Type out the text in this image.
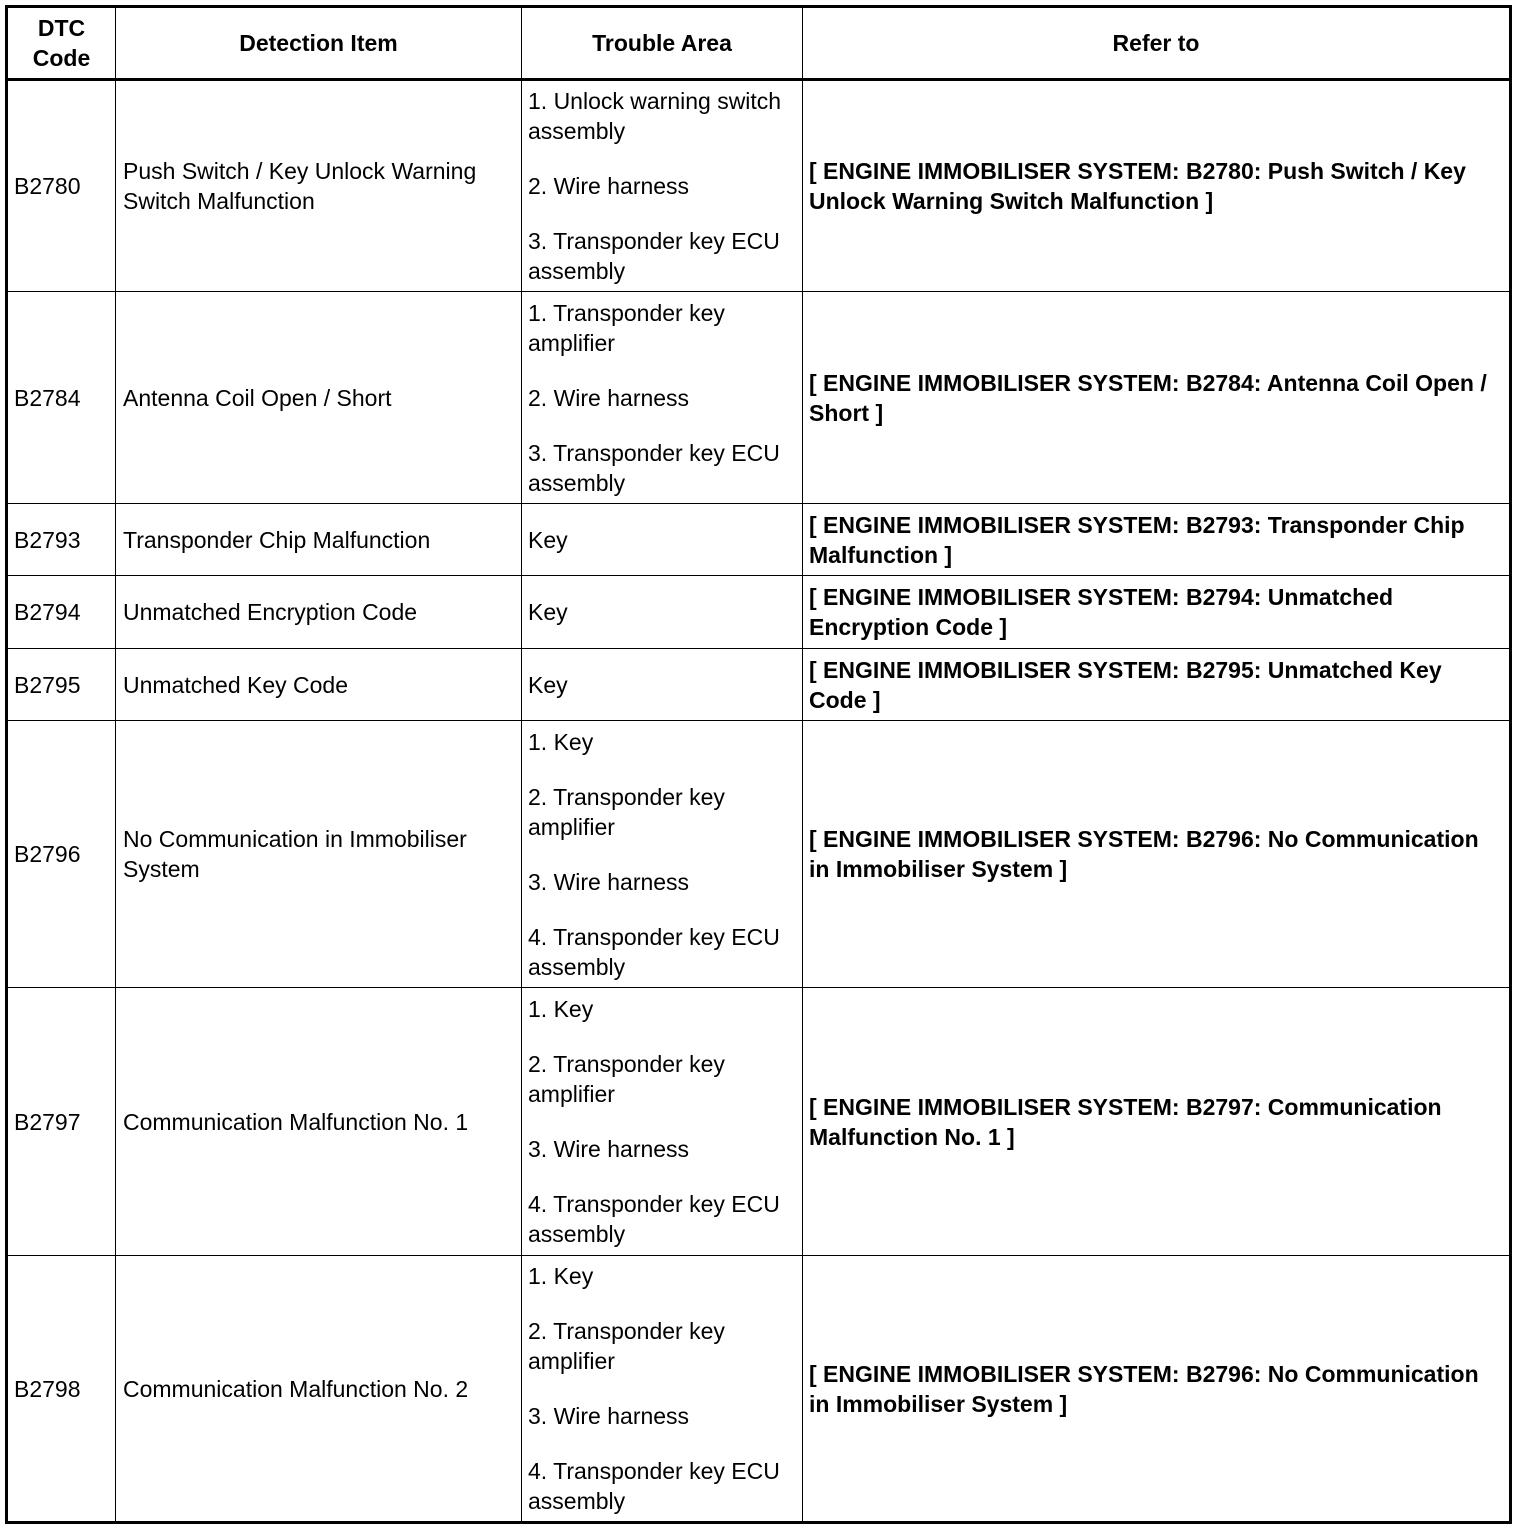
DTC Code	Detection Item	Trouble Area	Refer to
B2780	Push Switch / Key Unlock Warning Switch Malfunction	1. Unlock warning switch assembly
2. Wire harness
3. Transponder key ECU assembly	[ ENGINE IMMOBILISER SYSTEM: B2780: Push Switch / Key Unlock Warning Switch Malfunction ]
B2784	Antenna Coil Open / Short	1. Transponder key amplifier
2. Wire harness
3. Transponder key ECU assembly	[ ENGINE IMMOBILISER SYSTEM: B2784: Antenna Coil Open / Short ]
B2793	Transponder Chip Malfunction	Key	[ ENGINE IMMOBILISER SYSTEM: B2793: Transponder Chip Malfunction ]
B2794	Unmatched Encryption Code	Key	[ ENGINE IMMOBILISER SYSTEM: B2794: Unmatched Encryption Code ]
B2795	Unmatched Key Code	Key	[ ENGINE IMMOBILISER SYSTEM: B2795: Unmatched Key Code ]
B2796	No Communication in Immobiliser System	1. Key
2. Transponder key amplifier
3. Wire harness
4. Transponder key ECU assembly	[ ENGINE IMMOBILISER SYSTEM: B2796: No Communication in Immobiliser System ]
B2797	Communication Malfunction No. 1	1. Key
2. Transponder key amplifier
3. Wire harness
4. Transponder key ECU assembly	[ ENGINE IMMOBILISER SYSTEM: B2797: Communication Malfunction No. 1 ]
B2798	Communication Malfunction No. 2	1. Key
2. Transponder key amplifier
3. Wire harness
4. Transponder key ECU assembly	[ ENGINE IMMOBILISER SYSTEM: B2796: No Communication in Immobiliser System ]
